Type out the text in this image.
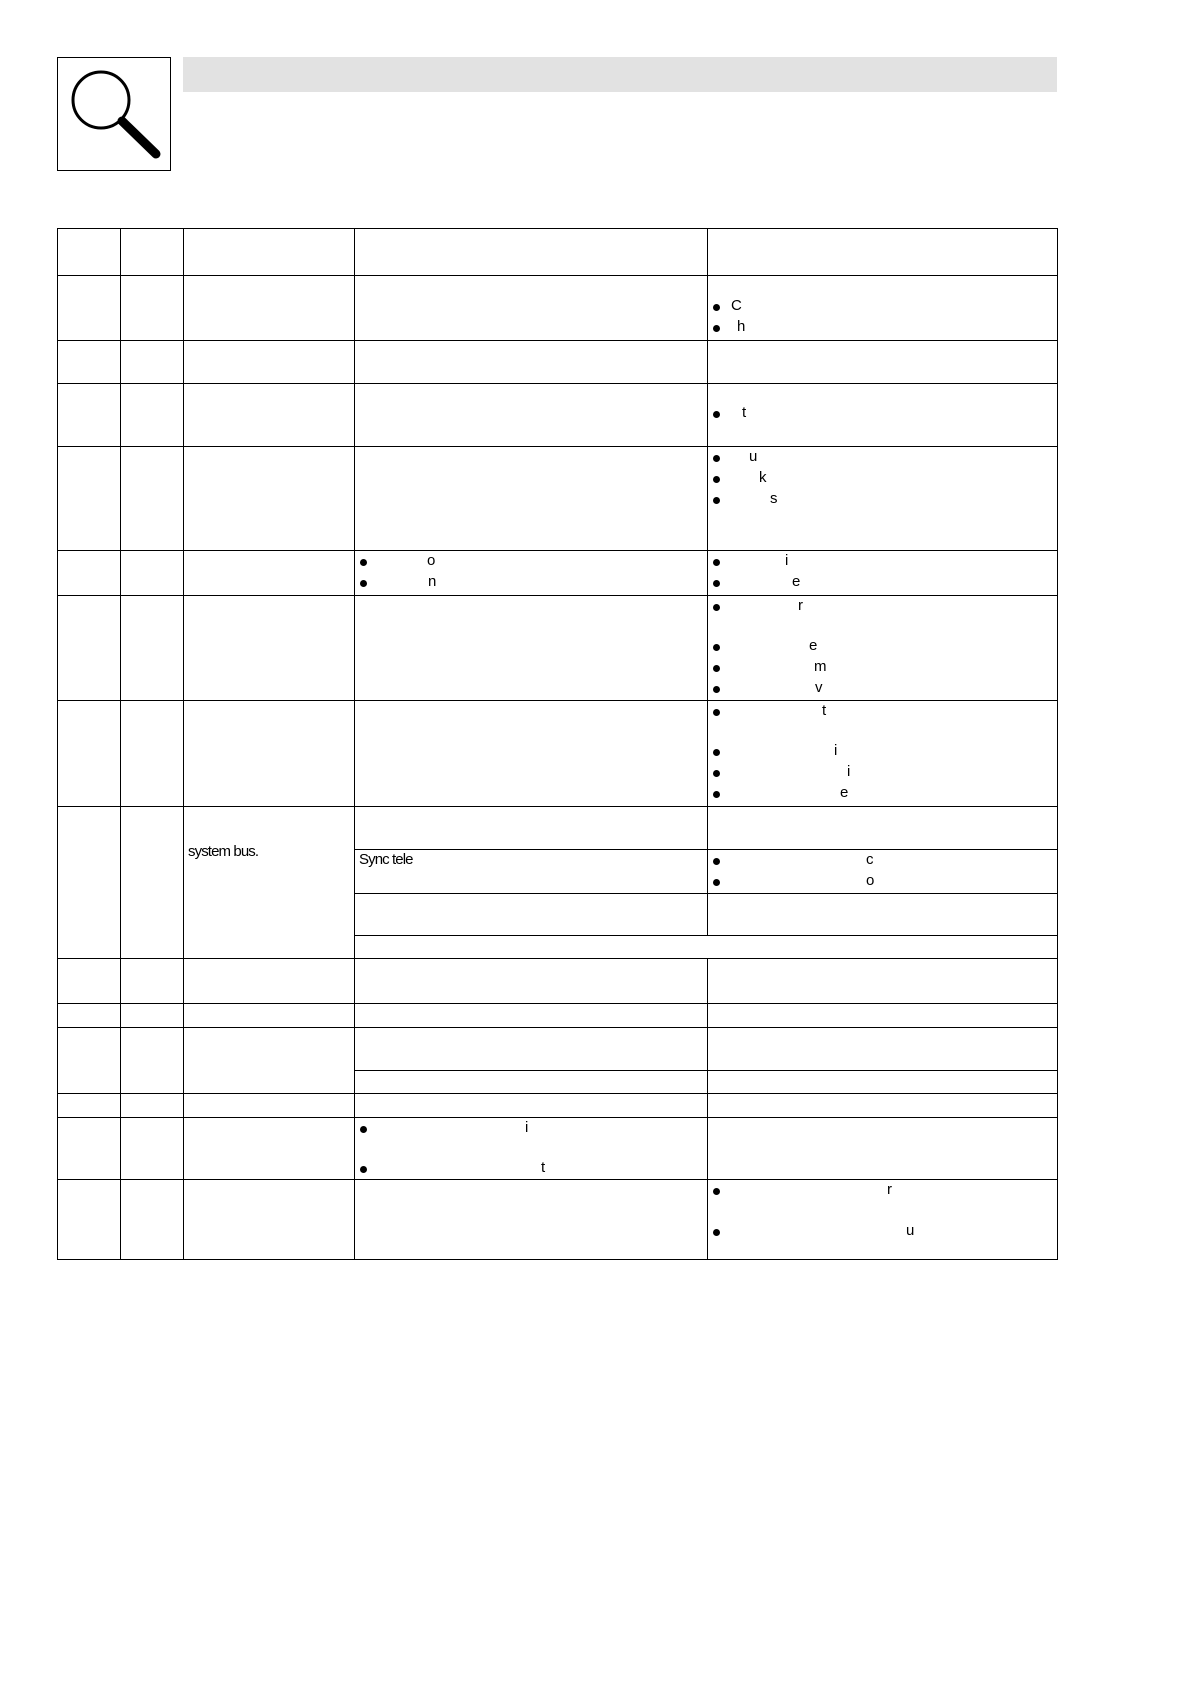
C
h
t
u
k
s
i
e
r
e
m
v
t
i
i
e
c
o
r
u
o
n
Sync tele
i
t
system bus.
